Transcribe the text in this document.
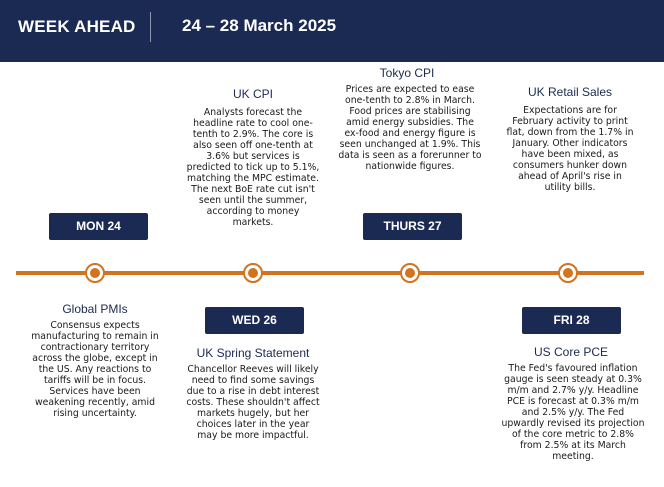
WEEK AHEAD	24 – 28 March 2025
UK CPI
Analysts forecast the headline rate to cool one-tenth to 2.9%. The core is also seen off one-tenth at 3.6% but services is predicted to tick up to 5.1%, matching the MPC estimate. The next BoE rate cut isn't seen until the summer, according to money markets.
Tokyo CPI
Prices are expected to ease one-tenth to 2.8% in March. Food prices are stabilising amid energy subsidies. The ex-food and energy figure is seen unchanged at 1.9%. This data is seen as a forerunner to nationwide figures.
UK Retail Sales
Expectations are for February activity to print flat, down from the 1.7% in January. Other indicators have been mixed, as consumers hunker down ahead of April's rise in utility bills.
MON 24	THURS 27
WED 26	FRI 28
Global PMIs
Consensus expects manufacturing to remain in contractionary territory across the globe, except in the US. Any reactions to tariffs will be in focus. Services have been weakening recently, amid rising uncertainty.
UK Spring Statement
Chancellor Reeves will likely need to find some savings due to a rise in debt interest costs. These shouldn't affect markets hugely, but her choices later in the year may be more impactful.
US Core PCE
The Fed's favoured inflation gauge is seen steady at 0.3% m/m and 2.7% y/y. Headline PCE is forecast at 0.3% m/m and 2.5% y/y. The Fed upwardly revised its projection of the core metric to 2.8% from 2.5% at its March meeting.
